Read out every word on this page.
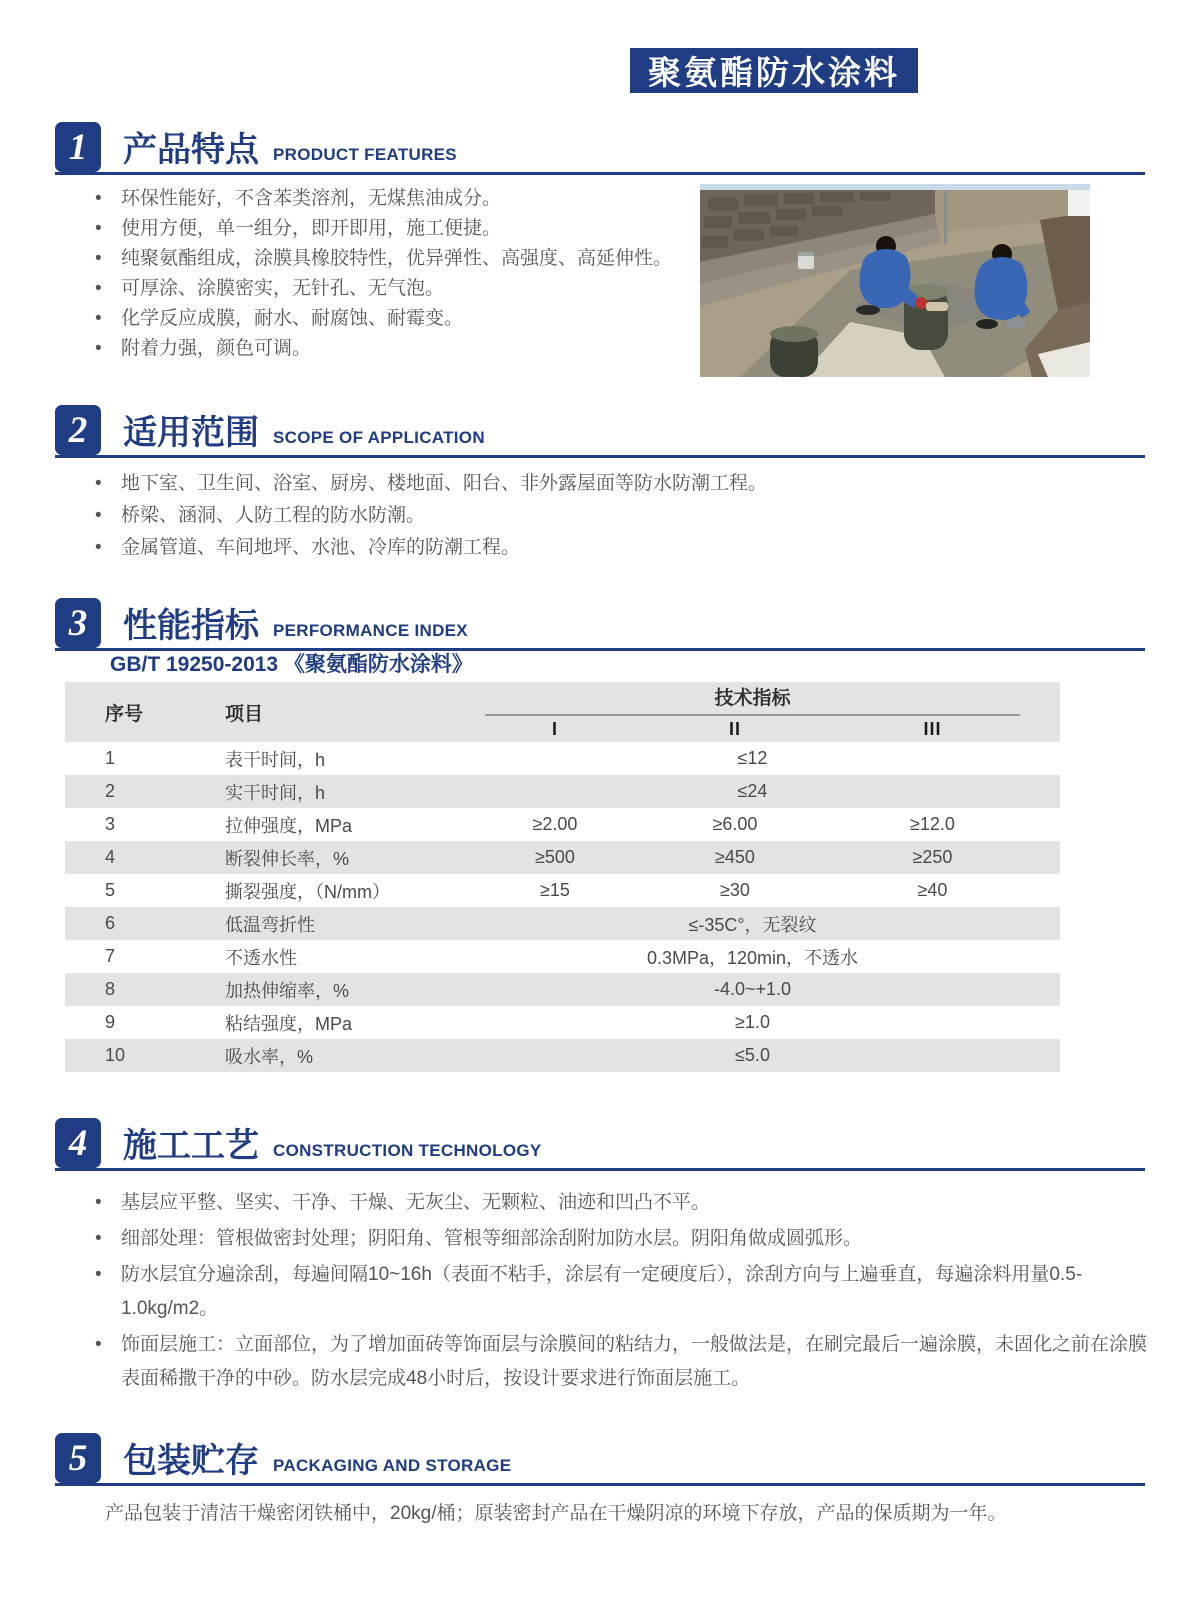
聚氨酯防水涂料
1	产品特点 PRODUCT FEATURES
•	环保性能好，不含苯类溶剂，无煤焦油成分。
•	使用方便，单一组分，即开即用，施工便捷。
•	纯聚氨酯组成，涂膜具橡胶特性，优异弹性、高强度、高延伸性。
•	可厚涂、涂膜密实，无针孔、无气泡。
•	化学反应成膜，耐水、耐腐蚀、耐霉变。
•	附着力强，颜色可调。
2	适用范围 SCOPE OF APPLICATION
•	地下室、卫生间、浴室、厨房、楼地面、阳台、非外露屋面等防水防潮工程。
•	桥梁、涵洞、人防工程的防水防潮。
•	金属管道、车间地坪、水池、冷库的防潮工程。
3	性能指标 PERFORMANCE INDEX
GB/T 19250-2013 《聚氨酯防水涂料》
序号	项目
技术指标
I	II	III
1	表干时间，h	≤12
2	实干时间，h	≤24
3	拉伸强度，MPa	≥2.00	≥6.00	≥12.0
4	断裂伸长率，%	≥500	≥450	≥250
5	撕裂强度，（N/mm）	≥15	≥30	≥40
6	低温弯折性	≤-35C°，无裂纹
7	不透水性	0.3MPa，120min，不透水
8	加热伸缩率，%	-4.0~+1.0
9	粘结强度，MPa	≥1.0
10	吸水率，%	≤5.0
4	施工工艺 CONSTRUCTION TECHNOLOGY
•	基层应平整、坚实、干净、干燥、无灰尘、无颗粒、油迹和凹凸不平。
•	细部处理：管根做密封处理；阴阳角、管根等细部涂刮附加防水层。阴阳角做成圆弧形。
•	防水层宜分遍涂刮，每遍间隔10~16h（表面不粘手，涂层有一定硬度后），涂刮方向与上遍垂直，每遍涂料用量0.5-1.0kg/m2。
•	饰面层施工：立面部位，为了增加面砖等饰面层与涂膜间的粘结力，一般做法是，在刷完最后一遍涂膜，未固化之前在涂膜表面稀撒干净的中砂。防水层完成48小时后，按设计要求进行饰面层施工。
5	包装贮存 PACKAGING AND STORAGE
产品包装于清洁干燥密闭铁桶中，20kg/桶；原装密封产品在干燥阴凉的环境下存放，产品的保质期为一年。
